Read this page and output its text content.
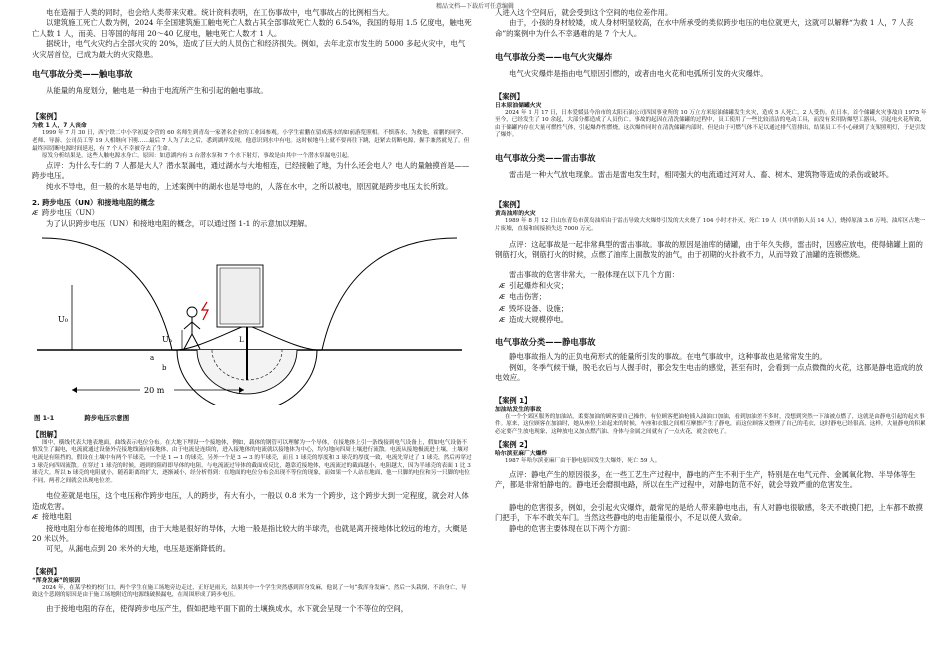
精品文档---下载后可任意编辑

电在造福于人类的同时，也会给人类带来灾难。统计资料表明，在工伤事故中，电气事故占的比例相当大。

以建筑施工死亡人数为例，2024 年全国建筑施工触电死亡人数占其全部事故死亡人数的 6.54%，我国的每用 1.5 亿度电，触电死亡人数 1 人，而美、日等国的每用 20～40 亿度电，触电死亡人数才 1 人。

据统计，电气火灾约占全部火灾的 20%，造成了巨大的人员伤亡和经济损失。例如，去年北京市发生的 5000 多起火灾中，电气火灾居首位，已成为最大的火灾隐患。

电气事故分类——触电事故

从能量的角度划分，触电是一种由于电流所产生和引起的触电事故。

【案例】
为救 1 人，7 人丧命

1999 年 7 月 30 日，西宁铁二中小学初夏令营的 60 名师生到青岛一家著名企业的工业园参观。小学生霍鹏在留成落水的如前游览照相。不慎落水，为救他，霍鹏的同学、老师、导游、公司员工等 19 人相继向下刚……最后 7 人为了去之后，悉到湖岸发现，他意识到水中有电。这时候地马上就不要再往下跳，赶紧去切断电源，握手兼然就见了。但最终因切断电源时间延迟，有 7 个人不幸被夺去了生命。

原发分析结果是，这些人触电源水身亡。原因：如意湖内有 3 台潜水泵和 7 个水下射灯，事故是由其中一个潜水泵漏电引起。

点评：为什么专仁的 7 人都是大人？潜水泵漏电，通过湖水与大地相连，已经接触了地，为什么还会电人？电人的量触摸首是——跨步电压。

纯水不导电，但一般的水是导电的，上述案例中的湖水也是导电的，人落在水中，之所以被电，原因就是跨步电压太长所致。

2. 跨步电压（UN）和接地电阻的概念
Æ 跨步电压（UN）

为了认识跨步电压（UN）和接地电阻的概念，可以通过图 1-1 的示意加以理解。

U₀
Uₙ
a
b
L
20 m
图 1-1	跨步电压示意图
【图解】

图中，横线代表大地表地面，曲线表示电位分布。在大地下埋设一个接地体，例如，载体的钢管可以理解为一个导体，在接地体上引一条线接到电气设备上，假如电气设备不慎发生了漏电，电流就通过设备外壳接地线流向接地体，由于电流是连续的，进入接地体的电流就以接地体为中心，均匀地向四周土壤进行流散。电流从接地极流进土壤，土壤对电流是有阻挡的，假设在土壤中有两个半球壳，一个是 1 → 1 的球壳，另外一个是 3 → 3 的半球壳，而且 1 球壳的厚度和 3 球壳的厚度一致，电流先穿过了 1 球壳，然后再穿过 3 球壳向四周流散。在穿过 1 球壳的时候，遇到的阻碍即导体的电阻，与电流流过导体的截面成反比，越靠近接地体，电流流过的截面越小，电阻越大，因为半球壳的表面 1 比 3 球壳大。所以 b 球壳的电阻就小，随着距离的扩大，逐渐减小，经分析得到：在地面的电位分布会出现不等位的现象，而如果一个人站在地面，他一只脚的电位和另一只脚的电位不同，两者之间就会出现电位差。

电位差就是电压，这个电压称作跨步电压，人的跨步，有大有小，一般以 0.8 米为一个跨步，这个跨步大到一定程度，就会对人体造成危害。

Æ 接地电阻

接地电阻分布在接地体的周围，由于大地是很好的导体，大地一般是指比较大的半球壳，也就是离开接地体比较远的地方，大概是 20 米以外。

可见，从漏电点到 20 米外的大地，电压是逐渐降低的。

【案例】
“浑身发麻”的原因

2024 年，在某学校的校门口，两个学生在施工场地旁边走过，正好是雨天，结果其中一个学生突然感到浑身发麻，他说了一句“我浑身发麻”，然后一头栽倒，不治身亡，导致这个悲剧的原因是由于施工场地附近的电源线破损漏电，在周围形成了跨步电压。

由于接地电阻的存在，使得跨步电压产生，假如把地平面下面的土壤换成水，水下就会呈现一个不等位的空间，

人进入这个空间后，就会受到这个空间的电位差作用。

由于，小孩的身材较矮，成人身材明显较高，在水中所承受的类似跨步电压的电位就更大，这就可以解释“为救 1 人，7 人丧命”的案例中为什么不幸遇难的是 7 个大人。

电气事故分类——电气火灾爆炸

电气火灾爆炸是指由电气原因引燃的，或者由电火花和电弧所引发的火灾爆炸。

【案例】
日本原油储罐火灾

2024 年 1 月 17 日，日本爱媛县今治市的太阳石油公司四国事业所的 10 万立方米原油储罐发生火灾，造成 5 人死亡，2 人受伤。在日本，首个储罐火灾事故自 1975 年至今，已经发生了 10 余起，大部分都造成了人员伤亡。事故的起因在清洗储罐的过程中，员工使用了一些比较清洁的电动工具，而没有采用防爆型工器具，引起电火花所致，由于储罐内存在大量可燃性气体，引起爆炸性燃烧。这次爆炸同时在清洗储罐内部时，但是由于可燃气体不足以通过排气管排出，结果员工不小心碰到了支架照明灯，于是引发了爆炸。

电气事故分类——雷击事故

雷击是一种大气放电现象。雷击是雷电发生时，相同强大的电流通过河对人、畜、树木、建筑物等造成的杀伤或破坏。

【案例】
黄岛油库的火灾

1989 年 8 月 12 日山东青岛市黄岛油库由于雷击导致大火爆炸引发的大火烧了 104 小时才扑灭，死亡 19 人（其中消防人员 14 人），烧掉原油 3.6 万吨，油库区占地一片废墟，直接和间接损失达 7000 万元。

点评：这起事故是一起非常典型的雷击事故。事故的原因是油库的储罐，由于年久失修，雷击时，因感应放电，使得储罐上面的钢筋打火，钢筋打火的时候，点燃了油库上面散发的油气，由于初期的火扑救不力，从而导致了油罐的连锁燃烧。

雷击事故的危害非常大，一般体现在以下几个方面：

Æ 引起爆炸和火灾；
Æ 电击伤害；
Æ 毁坏设备、设施；
Æ 造成大规模停电。
电气事故分类——静电事故

静电事故指人为的正负电荷形式的能量所引发的事故。在电气事故中，这种事故也是常常发生的。

例如，冬季气候干燥，脱毛衣后与人握手时，都会发生电击的感觉，甚至有时，会看到一点点微微的火花，这都是静电造成的放电效应。

【案例 1】
加油站发生的事故

在一个个郊区服务的加油站，柔要加油的顾客要自己操作，有位顾客把油枪插入油油口加油，看到加油差不多时，没想到突然一下油被点燃了，这就是由静电引起的起火事件。原来，这位顾客在加油时，她从座位上站起来的时候，车座和衣服之间相互摩擦产生了静电，而这位顾客又整理了自己的毛衣，这时静电已经很高，这样，大量静电的积累必定要产生放电现象，这种放电又加点燃汽油、身体与金属之间就有了一点火花，就会放电了。

【案例 2】
哈尔滨亚麻厂大爆炸

1987 年哈尔滨亚麻厂由于静电原因发生大爆炸，死亡 59 人。

点评：静电产生的原因很多，在一些工艺生产过程中，静电的产生不利于生产，特别是在电气元件、金属氧化物、半导体等生产，都是非常怕静电的。静电还会磨损电路，所以在生产过程中，对静电防范不好，就会导致严重的危害发生。

静电的危害很多，例如，会引起火灾爆炸，最常见的是给人带来静电电击，有人对静电很敏感，冬天不敢摸门把，上车都不敢摸门把手，下车不敢关车门。当然这些静电的电击能量很小，不足以使人致命。

静电的危害主要体现在以下两个方面：
